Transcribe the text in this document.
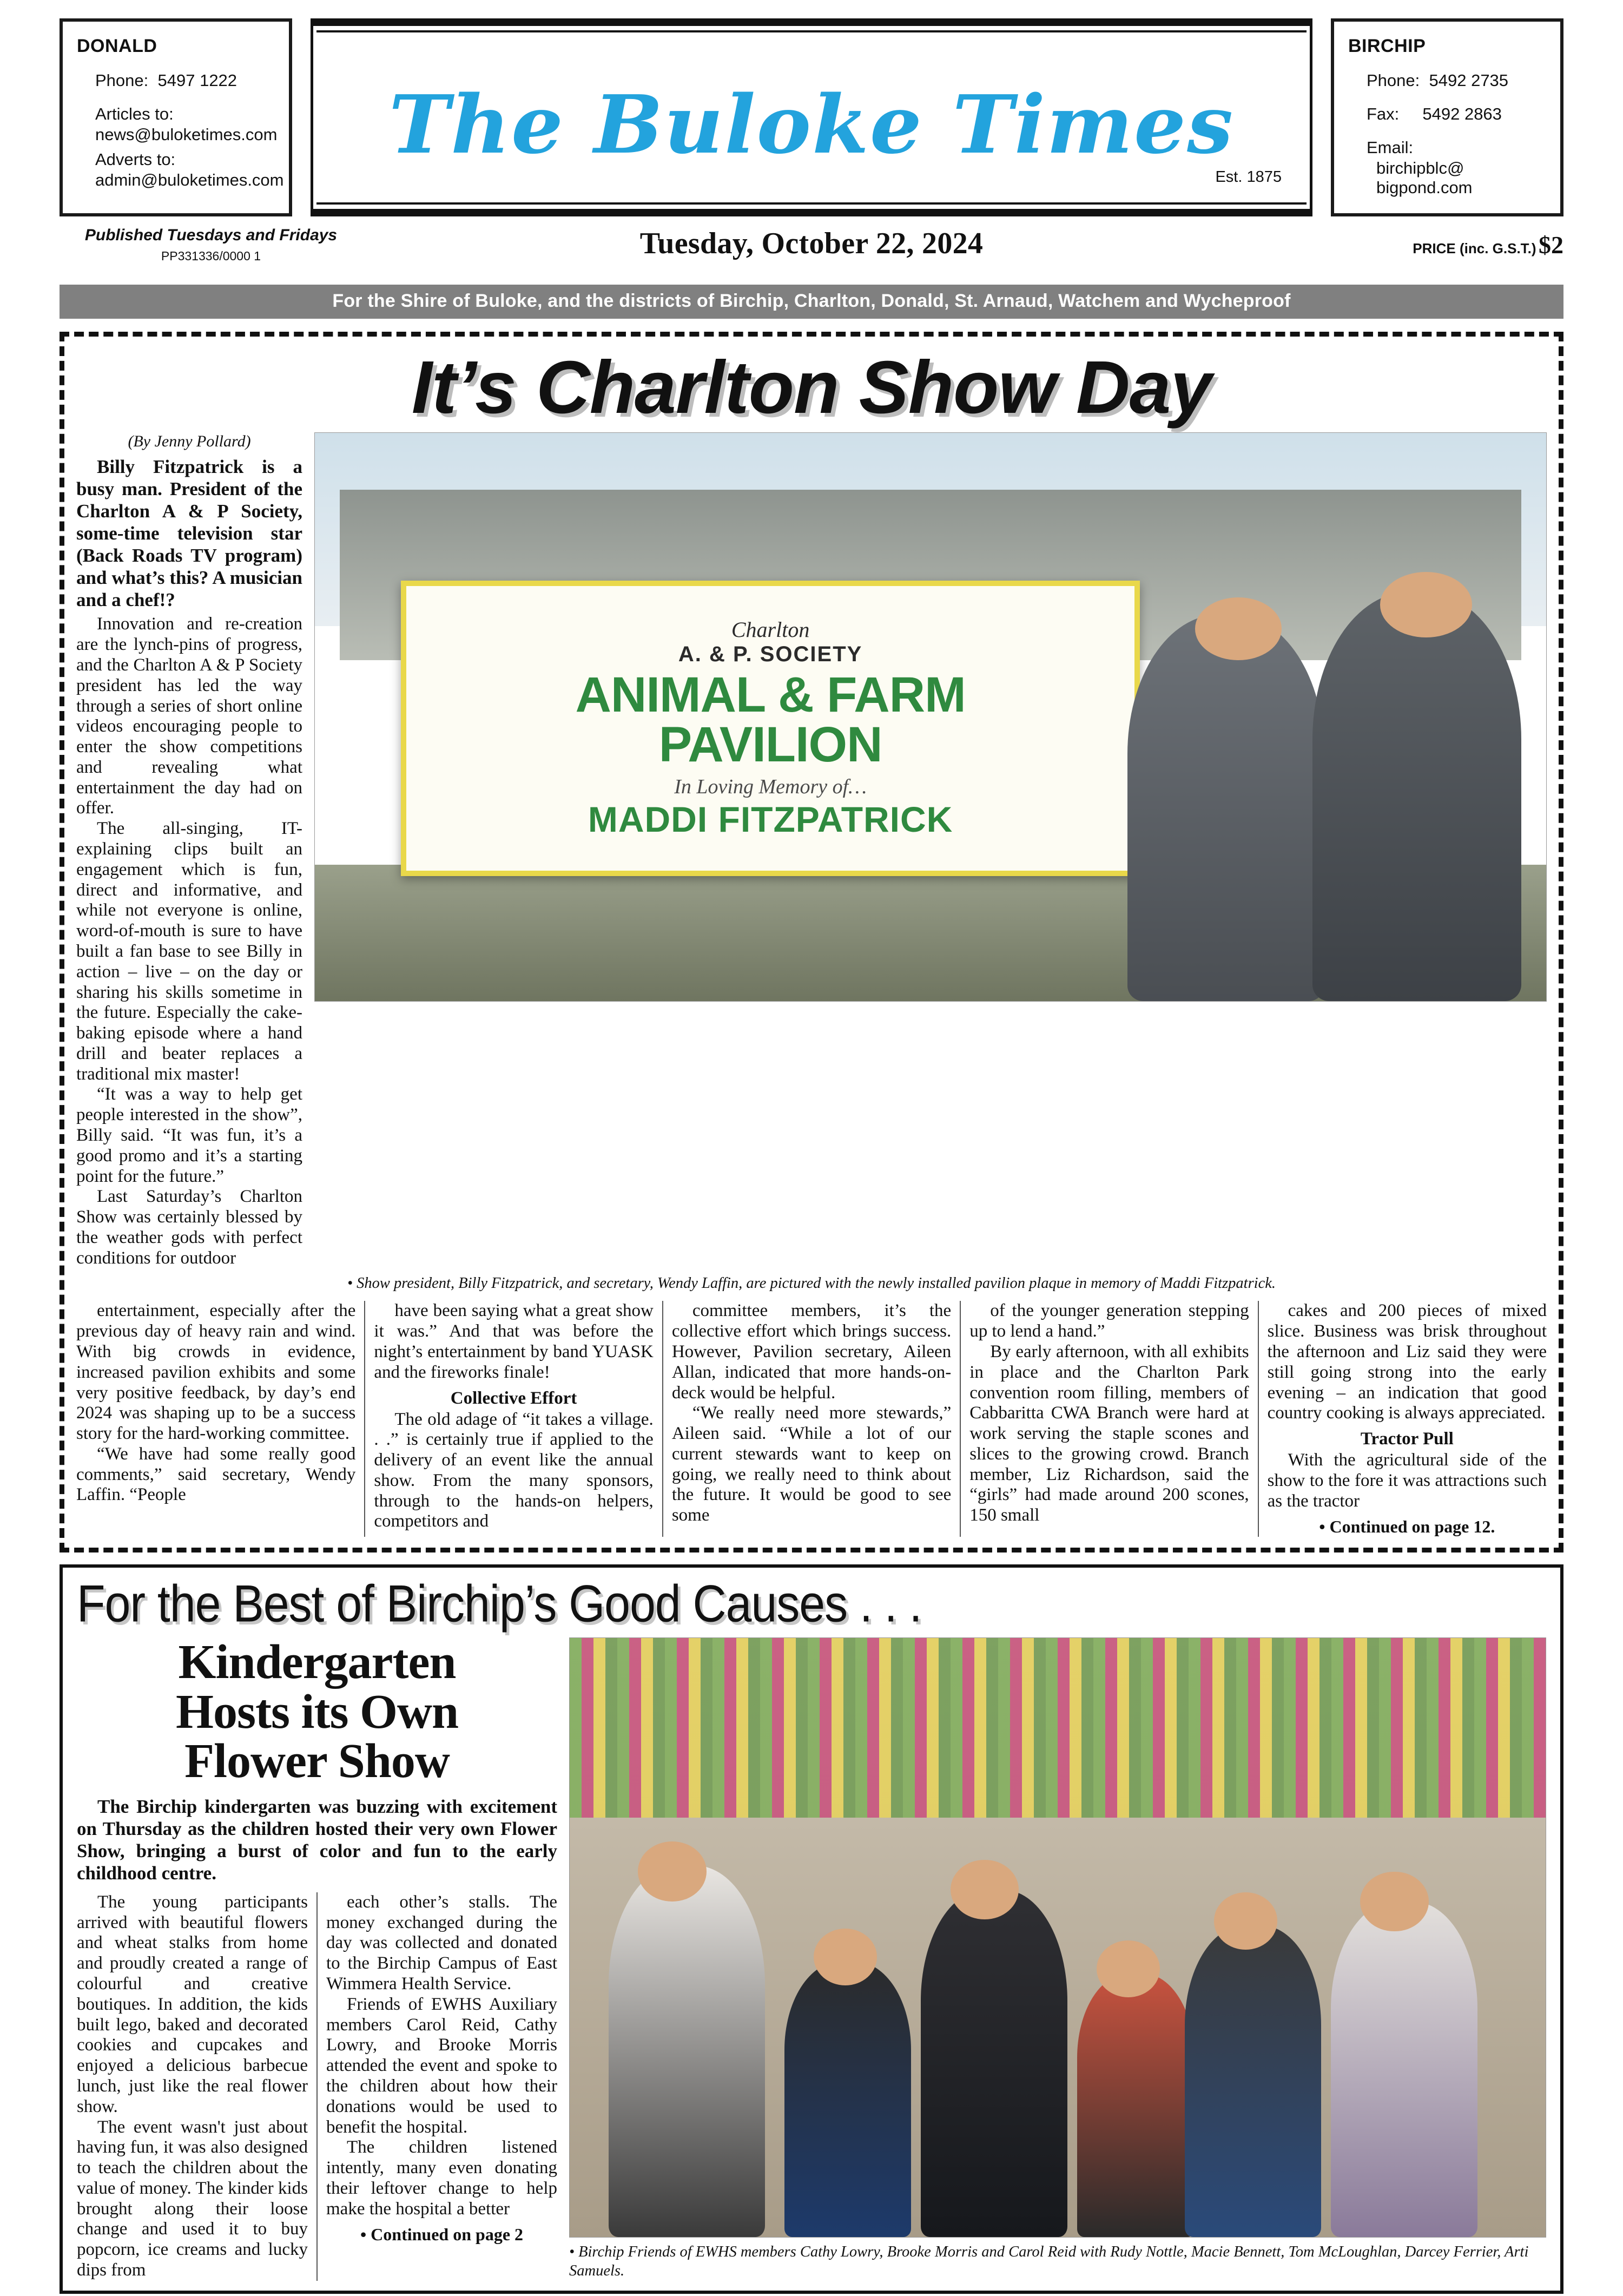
DONALD
Phone: 5497 1222
Articles to:
news@buloketimes.com
Adverts to:
admin@buloketimes.com
The Buloke Times
Est. 1875
BIRCHIP
Phone: 5492 2735
Fax: 5492 2863
Email:
birchipblc@
bigpond.com
Published Tuesdays and Fridays
PP331336/0000 1	Tuesday, October 22, 2024	PRICE (inc. G.S.T.) $2
For the Shire of Buloke, and the districts of Birchip, Charlton, Donald, St. Arnaud, Watchem and Wycheproof
It’s Charlton Show Day
(By Jenny Pollard)

Billy Fitzpatrick is a busy man. President of the Charlton A & P Society, some-time television star (Back Roads TV program) and what’s this? A musician and a chef!?

Innovation and re-creation are the lynch-pins of progress, and the Charlton A & P Society president has led the way through a series of short online videos encouraging people to enter the show competitions and revealing what entertainment the day had on offer.

The all-singing, IT-explaining clips built an engagement which is fun, direct and informative, and while not everyone is online, word-of-mouth is sure to have built a fan base to see Billy in action – live – on the day or sharing his skills sometime in the future. Especially the cake-baking episode where a hand drill and beater replaces a traditional mix master!

“It was a way to help get people interested in the show”, Billy said. “It was fun, it’s a good promo and it’s a starting point for the future.”

Last Saturday’s Charlton Show was certainly blessed by the weather gods with perfect conditions for outdoor

Charlton
A. & P. SOCIETY
ANIMAL & FARM
PAVILION
In Loving Memory of…
MADDI FITZPATRICK
• Show president, Billy Fitzpatrick, and secretary, Wendy Laffin, are pictured with the newly installed pavilion plaque in memory of Maddi Fitzpatrick.

entertainment, especially after the previous day of heavy rain and wind. With big crowds in evidence, increased pavilion exhibits and some very positive feedback, by day’s end 2024 was shaping up to be a success story for the hard-working committee.

“We have had some really good comments,” said secretary, Wendy Laffin. “People

have been saying what a great show it was.” And that was before the night’s entertainment by band YUASK and the fireworks finale!

Collective Effort

The old adage of “it takes a village. . .” is certainly true if applied to the delivery of an event like the annual show. From the many sponsors, through to the hands-on helpers, competitors and

committee members, it’s the collective effort which brings success. However, Pavilion secretary, Aileen Allan, indicated that more hands-on-deck would be helpful.

“We really need more stewards,” Aileen said. “While a lot of our current stewards want to keep on going, we really need to think about the future. It would be good to see some

of the younger generation stepping up to lend a hand.”

By early afternoon, with all exhibits in place and the Charlton Park convention room filling, members of Cabbaritta CWA Branch were hard at work serving the staple scones and slices to the growing crowd. Branch member, Liz Richardson, said the “girls” had made around 200 scones, 150 small

cakes and 200 pieces of mixed slice. Business was brisk throughout the afternoon and Liz said they were still going strong into the early evening – an indication that good country cooking is always appreciated.

Tractor Pull

With the agricultural side of the show to the fore it was attractions such as the tractor

• Continued on page 12.
For the Best of Birchip’s Good Causes . . .
Kindergarten
Hosts its Own
Flower Show

The Birchip kindergarten was buzzing with excitement on Thursday as the children hosted their very own Flower Show, bringing a burst of color and fun to the early childhood centre.

The young participants arrived with beautiful flowers and wheat stalks from home and proudly created a range of colourful and creative boutiques. In addition, the kids built lego, baked and decorated cookies and cupcakes and enjoyed a delicious barbecue lunch, just like the real flower show.

The event wasn't just about having fun, it was also designed to teach the children about the value of money. The kinder kids brought along their loose change and used it to buy popcorn, ice creams and lucky dips from

each other’s stalls. The money exchanged during the day was collected and donated to the Birchip Campus of East Wimmera Health Service.

Friends of EWHS Auxiliary members Carol Reid, Cathy Lowry, and Brooke Morris attended the event and spoke to the children about how their donations would be used to benefit the hospital.

The children listened intently, many even donating their leftover change to help make the hospital a better

• Continued on page 2
• Birchip Friends of EWHS members Cathy Lowry, Brooke Morris and Carol Reid with Rudy Nottle, Macie Bennett, Tom McLoughlan, Darcey Ferrier, Arti Samuels.
